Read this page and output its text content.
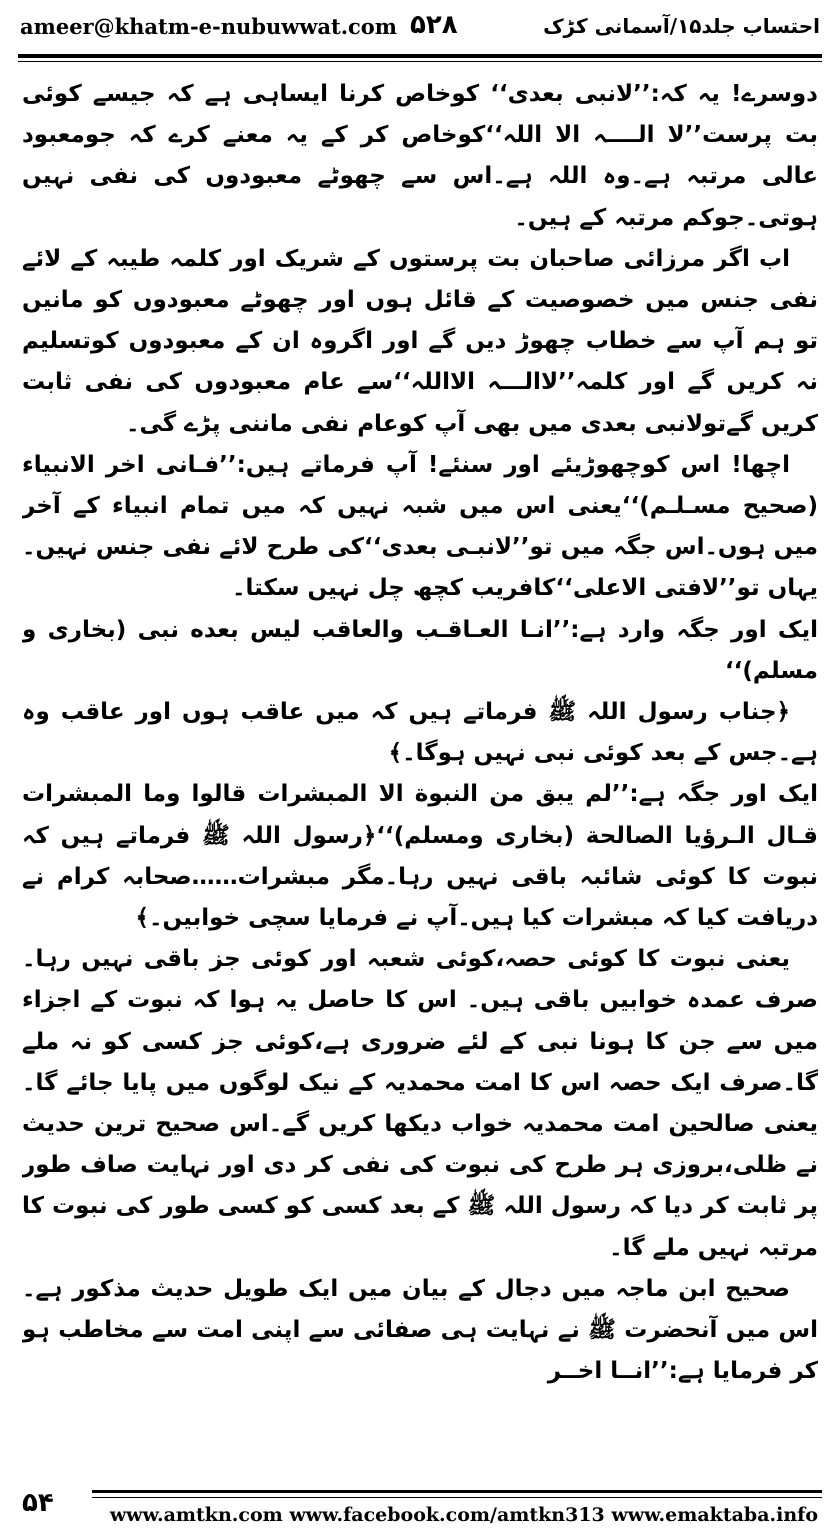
ameer@khatm-e-nubuwwat.com ۵۲۸	احتساب جلد۱۵/آسمانی کڑک

دوسرے! یہ کہ:’’لانبی بعدی‘‘ کوخاص کرنا ایساہی ہے کہ جیسے کوئی بت پرست’’لا الــــہ الا اللہ‘‘کوخاص کر کے یہ معنے کرے کہ جومعبود عالی مرتبہ ہے۔وہ اللہ ہے۔اس سے چھوٹے معبودوں کی نفی نہیں ہوتی۔جوکم مرتبہ کے ہیں۔

اب اگر مرزائی صاحبان بت پرستوں کے شریک اور کلمہ طیبہ کے لائے نفی جنس میں خصوصیت کے قائل ہوں اور چھوٹے معبودوں کو مانیں تو ہم آپ سے خطاب چھوڑ دیں گے اور اگروہ ان کے معبودوں کوتسلیم نہ کریں گے اور کلمہ’’لاالـــہ الااللہ‘‘سے عام معبودوں کی نفی ثابت کریں گےتولانبی بعدی میں بھی آپ کوعام نفی ماننی پڑے گی۔

اچھا! اس کوچھوڑیئے اور سنئے! آپ فرماتے ہیں:’’فـانی اخر الانبیاء (صحیح مسـلـم)‘‘یعنی اس میں شبہ نہیں کہ میں تمام انبیاء کے آخر میں ہوں۔اس جگہ میں تو’’لانبـی بعدی‘‘کی طرح لائے نفی جنس نہیں۔یہاں تو’’لافتی الاعلی‘‘کافریب کچھ چل نہیں سکتا۔

ایک اور جگہ وارد ہے:’’انـا العـاقـب والعاقب لیس بعده نبی (بخاری و مسلم)‘‘

﴿جناب رسول اللہ ﷺ فرماتے ہیں کہ میں عاقب ہوں اور عاقب وہ ہے۔جس کے بعد کوئی نبی نہیں ہوگا۔﴾

ایک اور جگہ ہے:’’لم یبق من النبوة الا المبشرات قالوا وما المبشرات قـال الـرؤیا الصالحة (بخاری ومسلم)‘‘﴿رسول اللہ ﷺ فرماتے ہیں کہ نبوت کا کوئی شائبہ باقی نہیں رہا۔مگر مبشرات……صحابہ کرام نے دریافت کیا کہ مبشرات کیا ہیں۔آپ نے فرمایا سچی خوابیں۔﴾

یعنی نبوت کا کوئی حصہ،کوئی شعبہ اور کوئی جز باقی نہیں رہا۔صرف عمدہ خوابیں باقی ہیں۔ اس کا حاصل یہ ہوا کہ نبوت کے اجزاء میں سے جن کا ہونا نبی کے لئے ضروری ہے،کوئی جز کسی کو نہ ملے گا۔صرف ایک حصہ اس کا امت محمدیہ کے نیک لوگوں میں پایا جائے گا۔یعنی صالحین امت محمدیہ خواب دیکھا کریں گے۔اس صحیح ترین حدیث نے ظلی،بروزی ہر طرح کی نبوت کی نفی کر دی اور نہایت صاف طور پر ثابت کر دیا کہ رسول اللہ ﷺ کے بعد کسی کو کسی طور کی نبوت کا مرتبہ نہیں ملے گا۔

صحیح ابن ماجہ میں دجال کے بیان میں ایک طویل حدیث مذکور ہے۔اس میں آنحضرت ﷺ نے نہایت ہی صفائی سے اپنی امت سے مخاطب ہو کر فرمایا ہے:’’انــا اخــر

۵۴	www.amtkn.com www.facebook.com/amtkn313 www.emaktaba.info
